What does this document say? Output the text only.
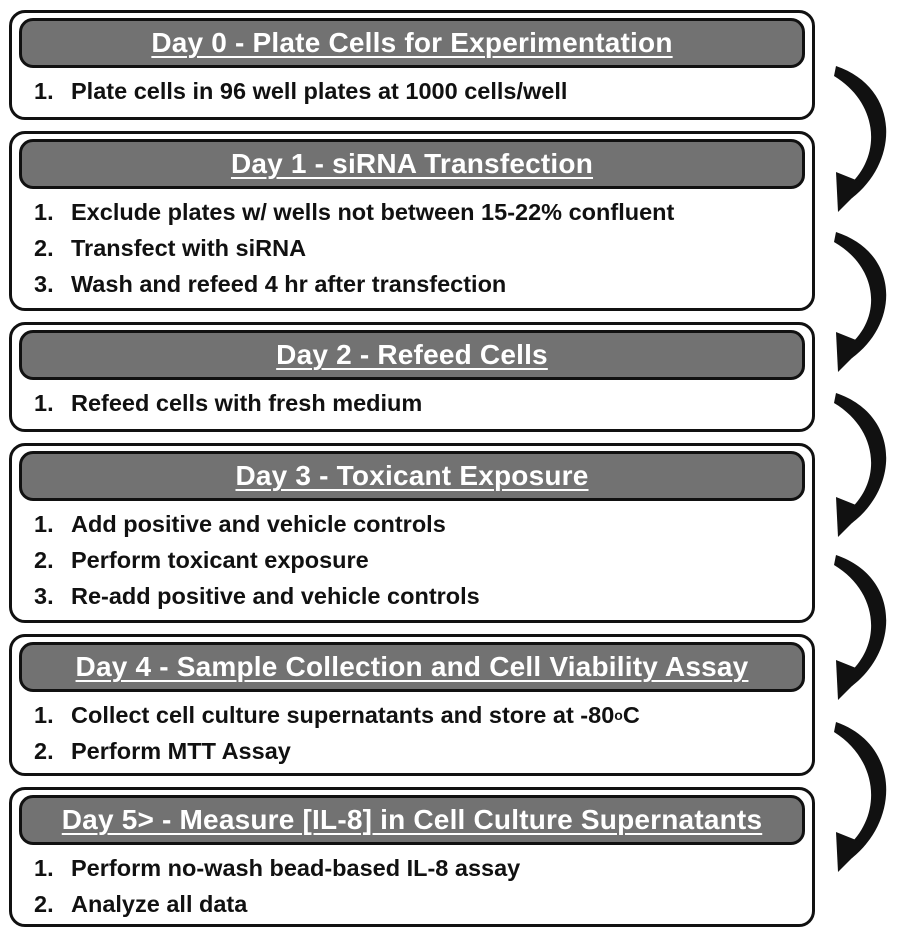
Day 0 - Plate Cells for Experimentation
1. Plate cells in 96 well plates at 1000 cells/well
Day 1 - siRNA Transfection
1. Exclude plates w/ wells not between 15-22% confluent
2. Transfect with siRNA
3. Wash and refeed 4 hr after transfection
Day 2 - Refeed Cells
1. Refeed cells with fresh medium
Day 3 - Toxicant Exposure
1. Add positive and vehicle controls
2. Perform toxicant exposure
3. Re-add positive and vehicle controls
Day 4 - Sample Collection and Cell Viability Assay
1. Collect cell culture supernatants and store at -80 o C
2. Perform MTT Assay
Day 5> - Measure [IL-8] in Cell Culture Supernatants
1. Perform no-wash bead-based IL-8 assay
2. Analyze all data
